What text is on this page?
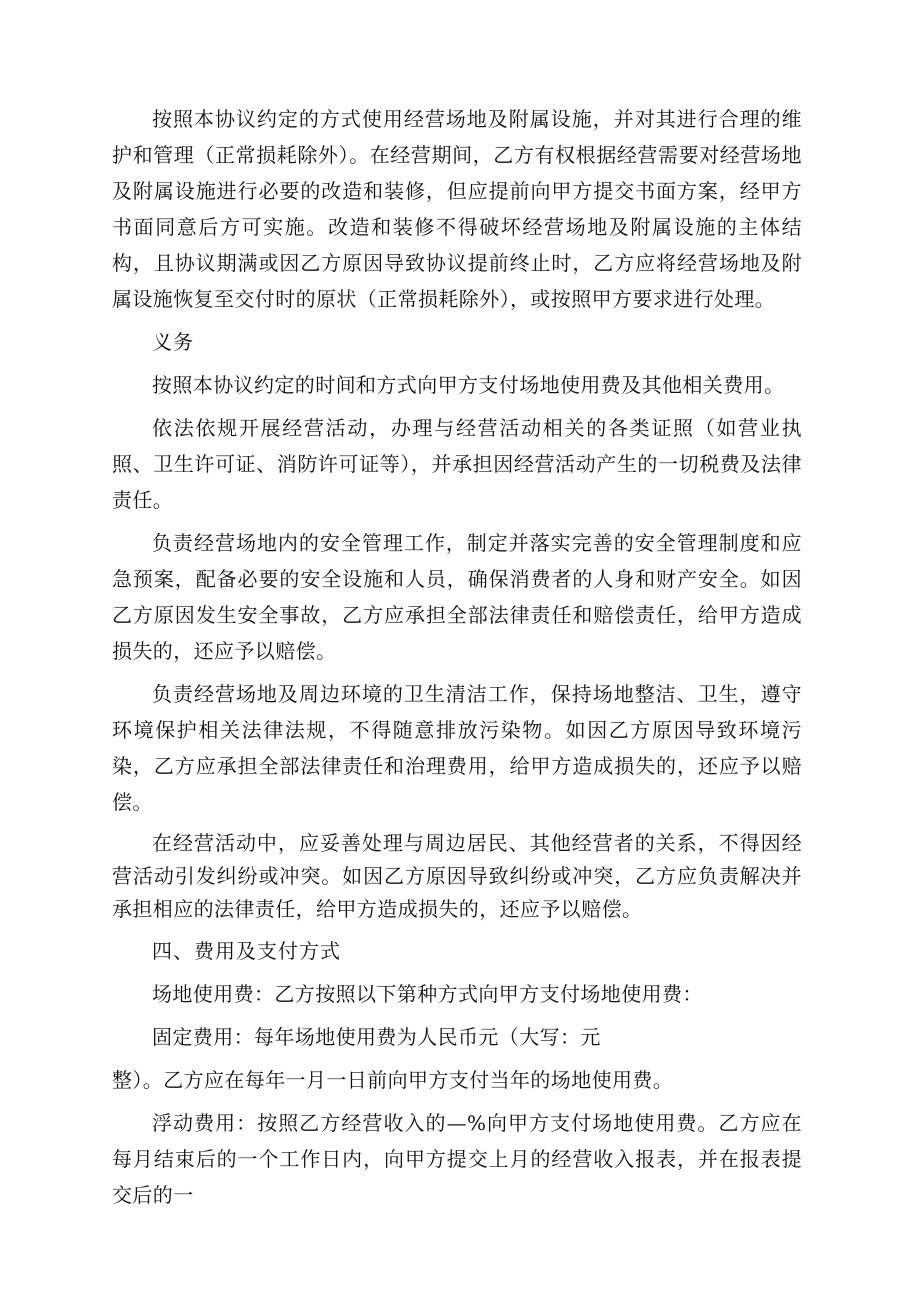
按照本协议约定的方式使用经营场地及附属设施，并对其进行合理的维护和管理（正常损耗除外）。在经营期间，乙方有权根据经营需要对经营场地及附属设施进行必要的改造和装修，但应提前向甲方提交书面方案，经甲方书面同意后方可实施。改造和装修不得破坏经营场地及附属设施的主体结构，且协议期满或因乙方原因导致协议提前终止时，乙方应将经营场地及附属设施恢复至交付时的原状（正常损耗除外），或按照甲方要求进行处理。

义务

按照本协议约定的时间和方式向甲方支付场地使用费及其他相关费用。

依法依规开展经营活动，办理与经营活动相关的各类证照（如营业执照、卫生许可证、消防许可证等），并承担因经营活动产生的一切税费及法律责任。

负责经营场地内的安全管理工作，制定并落实完善的安全管理制度和应急预案，配备必要的安全设施和人员，确保消费者的人身和财产安全。如因乙方原因发生安全事故，乙方应承担全部法律责任和赔偿责任，给甲方造成损失的，还应予以赔偿。

负责经营场地及周边环境的卫生清洁工作，保持场地整洁、卫生，遵守环境保护相关法律法规，不得随意排放污染物。如因乙方原因导致环境污染，乙方应承担全部法律责任和治理费用，给甲方造成损失的，还应予以赔偿。

在经营活动中，应妥善处理与周边居民、其他经营者的关系，不得因经营活动引发纠纷或冲突。如因乙方原因导致纠纷或冲突，乙方应负责解决并承担相应的法律责任，给甲方造成损失的，还应予以赔偿。

四、费用及支付方式

场地使用费：乙方按照以下第种方式向甲方支付场地使用费：

固定费用：每年场地使用费为人民币元（大写：元

整）。乙方应在每年一月一日前向甲方支付当年的场地使用费。

浮动费用：按照乙方经营收入的—%向甲方支付场地使用费。乙方应在每月结束后的一个工作日内，向甲方提交上月的经营收入报表，并在报表提交后的一
